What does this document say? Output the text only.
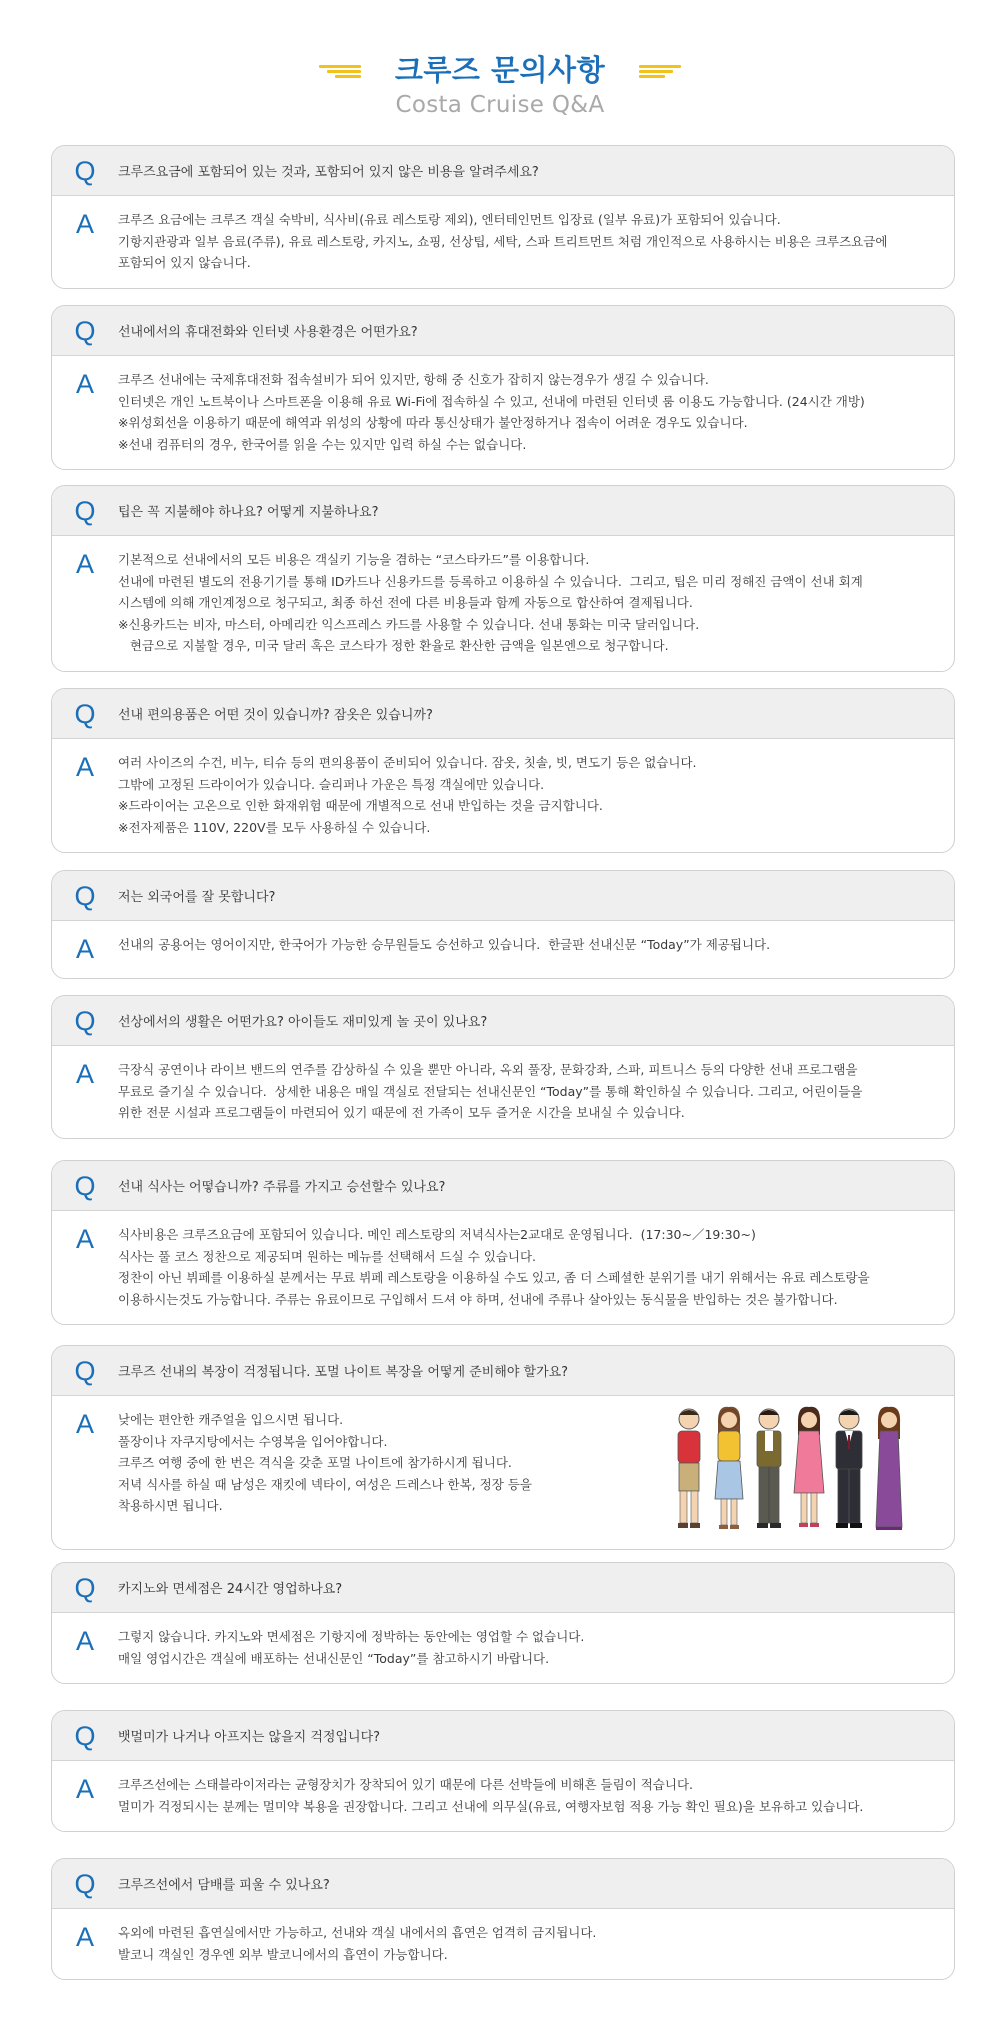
크루즈 문의사항
Costa Cruise Q&A
Q	크루즈요금에 포함되어 있는 것과, 포함되어 있지 않은 비용을 알려주세요?
A	크루즈 요금에는 크루즈 객실 숙박비, 식사비(유료 레스토랑 제외), 엔터테인먼트 입장료 (일부 유료)가 포함되어 있습니다.

기항지관광과 일부 음료(주류), 유료 레스토랑, 카지노, 쇼핑, 선상팁, 세탁, 스파 트리트먼트 처럼 개인적으로 사용하시는 비용은 크루즈요금에

포함되어 있지 않습니다.

Q	선내에서의 휴대전화와 인터넷 사용환경은 어떤가요?
A	크루즈 선내에는 국제휴대전화 접속설비가 되어 있지만, 항해 중 신호가 잡히지 않는경우가 생길 수 있습니다.

인터넷은 개인 노트북이나 스마트폰을 이용해 유료 Wi-Fi에 접속하실 수 있고, 선내에 마련된 인터넷 룸 이용도 가능합니다. (24시간 개방)

※위성회선을 이용하기 때문에 해역과 위성의 상황에 따라 통신상태가 불안정하거나 접속이 어려운 경우도 있습니다.

※선내 컴퓨터의 경우, 한국어를 읽을 수는 있지만 입력 하실 수는 없습니다.

Q	팁은 꼭 지불해야 하나요? 어떻게 지불하나요?
A	기본적으로 선내에서의 모든 비용은 객실키 기능을 겸하는 “코스타카드”를 이용합니다.

선내에 마련된 별도의 전용기기를 통해 ID카드나 신용카드를 등록하고 이용하실 수 있습니다.  그리고, 팁은 미리 정해진 금액이 선내 회계

시스템에 의해 개인계정으로 청구되고, 최종 하선 전에 다른 비용들과 함께 자동으로 합산하여 결제됩니다.

※신용카드는 비자, 마스터, 아메리칸 익스프레스 카드를 사용할 수 있습니다. 선내 통화는 미국 달러입니다.

현금으로 지불할 경우, 미국 달러 혹은 코스타가 정한 환율로 환산한 금액을 일본엔으로 청구합니다.

Q	선내 편의용품은 어떤 것이 있습니까? 잠옷은 있습니까?
A	여러 사이즈의 수건, 비누, 티슈 등의 편의용품이 준비되어 있습니다. 잠옷, 칫솔, 빗, 면도기 등은 없습니다.

그밖에 고정된 드라이어가 있습니다. 슬리퍼나 가운은 특정 객실에만 있습니다.

※드라이어는 고온으로 인한 화재위험 때문에 개별적으로 선내 반입하는 것을 금지합니다.

※전자제품은 110V, 220V를 모두 사용하실 수 있습니다.

Q	저는 외국어를 잘 못합니다?
A	선내의 공용어는 영어이지만, 한국어가 가능한 승무원들도 승선하고 있습니다.  한글판 선내신문 “Today”가 제공됩니다.

Q	선상에서의 생활은 어떤가요? 아이들도 재미있게 놀 곳이 있나요?
A	극장식 공연이나 라이브 밴드의 연주를 감상하실 수 있을 뿐만 아니라, 옥외 풀장, 문화강좌, 스파, 피트니스 등의 다양한 선내 프로그램을

무료로 즐기실 수 있습니다.  상세한 내용은 매일 객실로 전달되는 선내신문인 “Today”를 통해 확인하실 수 있습니다. 그리고, 어린이들을

위한 전문 시설과 프로그램들이 마련되어 있기 때문에 전 가족이 모두 즐거운 시간을 보내실 수 있습니다.

Q	선내 식사는 어떻습니까? 주류를 가지고 승선할수 있나요?
A	식사비용은 크루즈요금에 포함되어 있습니다. 메인 레스토랑의 저녁식사는2교대로 운영됩니다.  (17:30~／19:30~)

식사는 풀 코스 정찬으로 제공되며 원하는 메뉴를 선택해서 드실 수 있습니다.

정찬이 아닌 뷔페를 이용하실 분께서는 무료 뷔페 레스토랑을 이용하실 수도 있고, 좀 더 스페셜한 분위기를 내기 위해서는 유료 레스토랑을

이용하시는것도 가능합니다. 주류는 유료이므로 구입해서 드셔 야 하며, 선내에 주류나 살아있는 동식물을 반입하는 것은 불가합니다.

Q	크루즈 선내의 복장이 걱정됩니다. 포멀 나이트 복장을 어떻게 준비해야 할가요?
A	낮에는 편안한 캐주얼을 입으시면 됩니다.

풀장이나 자쿠지탕에서는 수영복을 입어야합니다.

크루즈 여행 중에 한 번은 격식을 갖춘 포멀 나이트에 참가하시게 됩니다.

저녁 식사를 하실 때 남성은 재킷에 넥타이, 여성은 드레스나 한복, 정장 등을

착용하시면 됩니다.

Q	카지노와 면세점은 24시간 영업하나요?
A	그렇지 않습니다. 카지노와 면세점은 기항지에 정박하는 동안에는 영업할 수 없습니다.

매일 영업시간은 객실에 배포하는 선내신문인 “Today”를 참고하시기 바랍니다.

Q	뱃멀미가 나거나 아프지는 않을지 걱정입니다?
A	크루즈선에는 스태블라이저라는 균형장치가 장착되어 있기 때문에 다른 선박들에 비해흔 들림이 적습니다.

멀미가 걱정되시는 분께는 멀미약 복용을 권장합니다. 그리고 선내에 의무실(유료, 여행자보험 적용 가능 확인 필요)을 보유하고 있습니다.

Q	크루즈선에서 담배를 피울 수 있나요?
A	옥외에 마련된 흡연실에서만 가능하고, 선내와 객실 내에서의 흡연은 엄격히 금지됩니다.

발코니 객실인 경우엔 외부 발코니에서의 흡연이 가능합니다.
